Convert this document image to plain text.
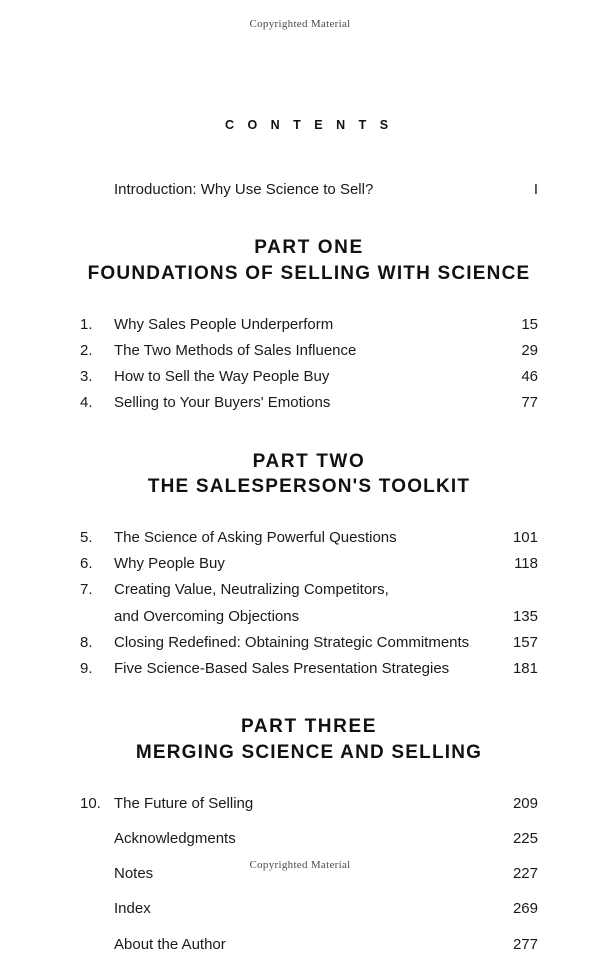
Copyrighted Material
C O N T E N T S
Introduction: Why Use Science to Sell?	I
PART ONE
FOUNDATIONS OF SELLING WITH SCIENCE
1.	Why Sales People Underperform	15
2.	The Two Methods of Sales Influence	29
3.	How to Sell the Way People Buy	46
4.	Selling to Your Buyers' Emotions	77
PART TWO
THE SALESPERSON'S TOOLKIT
5.	The Science of Asking Powerful Questions	101
6.	Why People Buy	118
7.	Creating Value, Neutralizing Competitors,
and Overcoming Objections	135
8.	Closing Redefined: Obtaining Strategic Commitments	157
9.	Five Science-Based Sales Presentation Strategies	181
PART THREE
MERGING SCIENCE AND SELLING
10. The Future of Selling	209
Acknowledgments	225
Notes	227
Index	269
About the Author	277
Copyrighted Material
